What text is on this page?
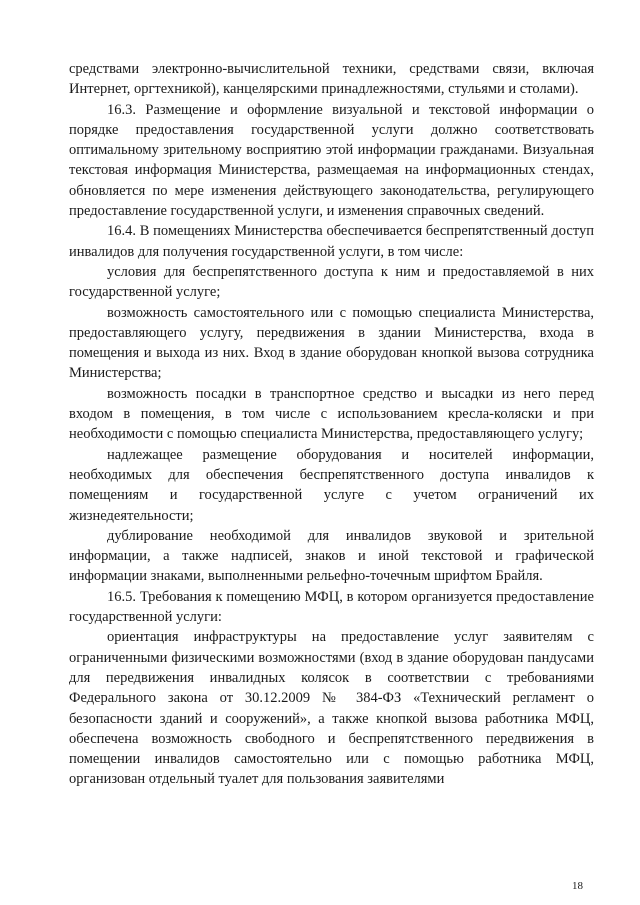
средствами электронно-вычислительной техники, средствами связи, включая Интернет, оргтехникой), канцелярскими принадлежностями, стульями и столами).

16.3. Размещение и оформление визуальной и текстовой информации о порядке предоставления государственной услуги должно соответствовать оптимальному зрительному восприятию этой информации гражданами. Визуальная текстовая информация Министерства, размещаемая на информационных стендах, обновляется по мере изменения действующего законодательства, регулирующего предоставление государственной услуги, и изменения справочных сведений.

16.4. В помещениях Министерства обеспечивается беспрепятственный доступ инвалидов для получения государственной услуги, в том числе:

условия для беспрепятственного доступа к ним и предоставляемой в них государственной услуге;

возможность самостоятельного или с помощью специалиста Министерства, предоставляющего услугу, передвижения в здании Министерства, входа в помещения и выхода из них. Вход в здание оборудован кнопкой вызова сотрудника Министерства;

возможность посадки в транспортное средство и высадки из него перед входом в помещения, в том числе с использованием кресла-коляски и при необходимости с помощью специалиста Министерства, предоставляющего услугу;

надлежащее размещение оборудования и носителей информации, необходимых для обеспечения беспрепятственного доступа инвалидов к помещениям и государственной услуге с учетом ограничений их жизнедеятельности;

дублирование необходимой для инвалидов звуковой и зрительной информации, а также надписей, знаков и иной текстовой и графической информации знаками, выполненными рельефно-точечным шрифтом Брайля.

16.5. Требования к помещению МФЦ, в котором организуется предоставление государственной услуги:

ориентация инфраструктуры на предоставление услуг заявителям с ограниченными физическими возможностями (вход в здание оборудован пандусами для передвижения инвалидных колясок в соответствии с требованиями Федерального закона от 30.12.2009 № 384-ФЗ «Технический регламент о безопасности зданий и сооружений», а также кнопкой вызова работника МФЦ, обеспечена возможность свободного и беспрепятственного передвижения в помещении инвалидов самостоятельно или с помощью работника МФЦ, организован отдельный туалет для пользования заявителями

18
